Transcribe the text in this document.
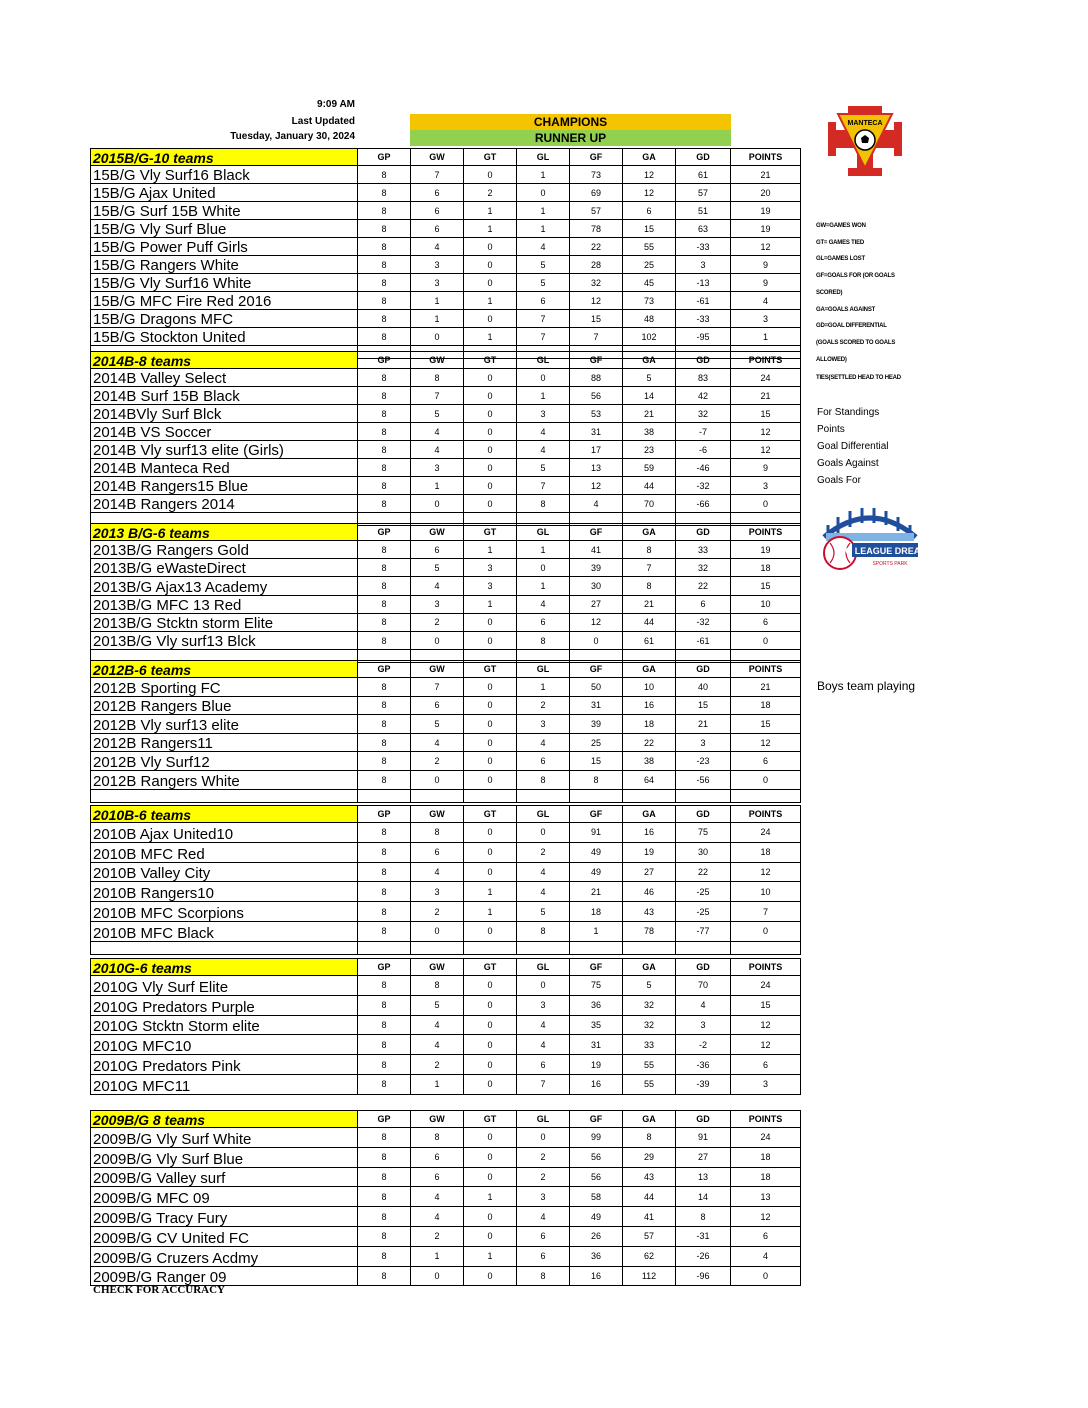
9:09 AM
Last Updated
Tuesday, January 30, 2024
CHAMPIONS
RUNNER UP
MANTECA
GW=GAMES WON
GT= GAMES TIED
GL=GAMES LOST
GF=GOALS FOR (OR GOALS
SCORED)
GA=GOALS AGAINST
GD=GOAL DIFFERENTIAL
(GOALS SCORED TO GOALS
ALLOWED)
TIES(SETTLED HEAD TO HEAD
For Standings
Points
Goal Differential
Goals Against
Goals For
BIG LEAGUE DREAMS
SPORTS PARK
Boys team playing
2015B/G-10 teams	GP	GW	GT	GL	GF	GA	GD	POINTS
15B/G Vly Surf16 Black	8	7	0	1	73	12	61	21
15B/G Ajax United	8	6	2	0	69	12	57	20
15B/G Surf 15B White	8	6	1	1	57	6	51	19
15B/G Vly Surf Blue	8	6	1	1	78	15	63	19
15B/G Power Puff Girls	8	4	0	4	22	55	-33	12
15B/G Rangers White	8	3	0	5	28	25	3	9
15B/G Vly Surf16 White	8	3	0	5	32	45	-13	9
15B/G MFC Fire Red 2016	8	1	1	6	12	73	-61	4
15B/G Dragons MFC	8	1	0	7	15	48	-33	3
15B/G Stockton United	8	0	1	7	7	102	-95	1

2014B-8 teams	GP	GW	GT	GL	GF	GA	GD	POINTS
2014B Valley Select	8	8	0	0	88	5	83	24
2014B Surf 15B Black	8	7	0	1	56	14	42	21
2014BVly Surf Blck	8	5	0	3	53	21	32	15
2014B VS Soccer	8	4	0	4	31	38	-7	12
2014B Vly surf13 elite (Girls)	8	4	0	4	17	23	-6	12
2014B Manteca Red	8	3	0	5	13	59	-46	9
2014B Rangers15 Blue	8	1	0	7	12	44	-32	3
2014B Rangers 2014	8	0	0	8	4	70	-66	0

2013 B/G-6 teams	GP	GW	GT	GL	GF	GA	GD	POINTS
2013B/G Rangers Gold	8	6	1	1	41	8	33	19
2013B/G eWasteDirect	8	5	3	0	39	7	32	18
2013B/G Ajax13 Academy	8	4	3	1	30	8	22	15
2013B/G MFC 13 Red	8	3	1	4	27	21	6	10
2013B/G Stcktn storm Elite	8	2	0	6	12	44	-32	6
2013B/G Vly surf13 Blck	8	0	0	8	0	61	-61	0

2012B-6 teams	GP	GW	GT	GL	GF	GA	GD	POINTS
2012B Sporting FC	8	7	0	1	50	10	40	21
2012B Rangers Blue	8	6	0	2	31	16	15	18
2012B Vly surf13 elite	8	5	0	3	39	18	21	15
2012B Rangers11	8	4	0	4	25	22	3	12
2012B Vly Surf12	8	2	0	6	15	38	-23	6
2012B Rangers White	8	0	0	8	8	64	-56	0

2010B-6 teams	GP	GW	GT	GL	GF	GA	GD	POINTS
2010B Ajax United10	8	8	0	0	91	16	75	24
2010B MFC Red	8	6	0	2	49	19	30	18
2010B Valley City	8	4	0	4	49	27	22	12
2010B Rangers10	8	3	1	4	21	46	-25	10
2010B MFC Scorpions	8	2	1	5	18	43	-25	7
2010B MFC Black	8	0	0	8	1	78	-77	0

2010G-6 teams	GP	GW	GT	GL	GF	GA	GD	POINTS
2010G Vly Surf Elite	8	8	0	0	75	5	70	24
2010G Predators Purple	8	5	0	3	36	32	4	15
2010G Stcktn Storm elite	8	4	0	4	35	32	3	12
2010G MFC10	8	4	0	4	31	33	-2	12
2010G Predators Pink	8	2	0	6	19	55	-36	6
2010G MFC11	8	1	0	7	16	55	-39	3
2009B/G 8 teams	GP	GW	GT	GL	GF	GA	GD	POINTS
2009B/G Vly Surf White	8	8	0	0	99	8	91	24
2009B/G Vly Surf Blue	8	6	0	2	56	29	27	18
2009B/G Valley surf	8	6	0	2	56	43	13	18
2009B/G MFC 09	8	4	1	3	58	44	14	13
2009B/G Tracy Fury	8	4	0	4	49	41	8	12
2009B/G CV United FC	8	2	0	6	26	57	-31	6
2009B/G Cruzers Acdmy	8	1	1	6	36	62	-26	4
2009B/G Ranger 09	8	0	0	8	16	112	-96	0
CHECK FOR ACCURACY
